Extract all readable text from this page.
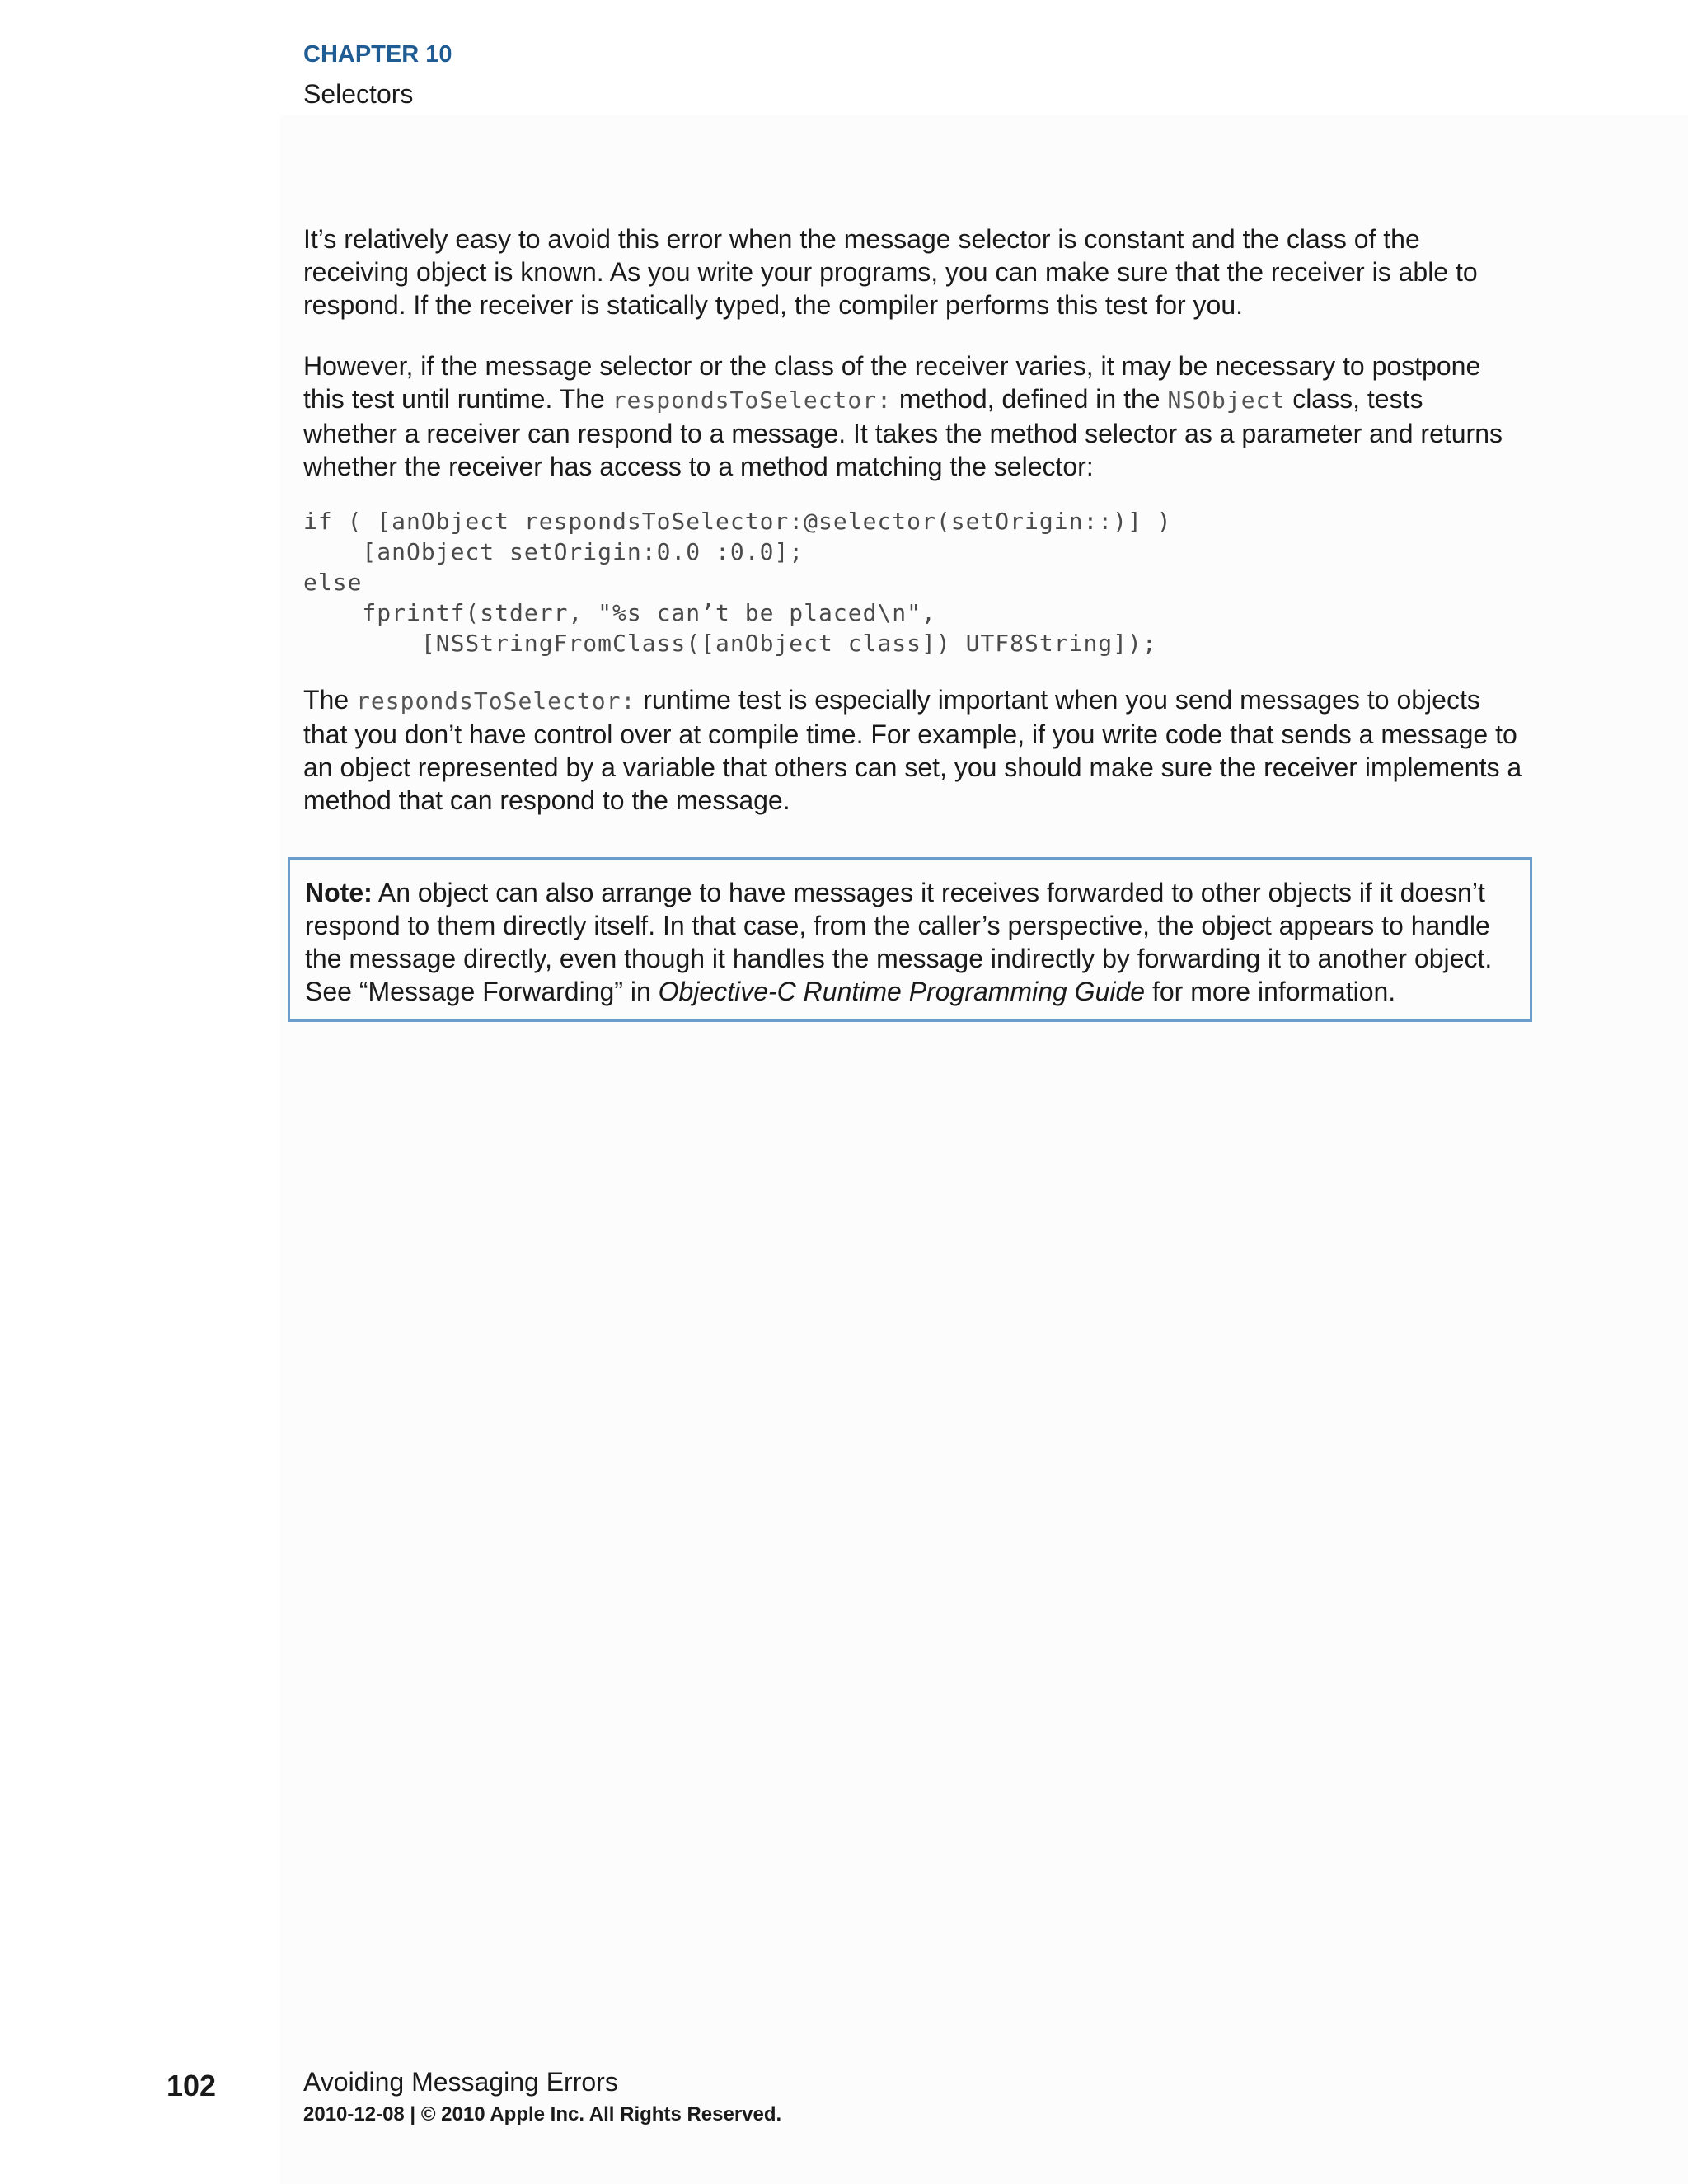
CHAPTER 10
Selectors

It’s relatively easy to avoid this error when the message selector is constant and the class of the receiving object is known. As you write your programs, you can make sure that the receiver is able to respond. If the receiver is statically typed, the compiler performs this test for you.

However, if the message selector or the class of the receiver varies, it may be necessary to postpone this test until runtime. The respondsToSelector: method, defined in the NSObject class, tests whether a receiver can respond to a message. It takes the method selector as a parameter and returns whether the receiver has access to a method matching the selector:

if ( [anObject respondsToSelector:@selector(setOrigin::)] )
[anObject setOrigin:0.0 :0.0];
else
fprintf(stderr, "%s can’t be placed\n",
[NSStringFromClass([anObject class]) UTF8String]);

The respondsToSelector: runtime test is especially important when you send messages to objects that you don’t have control over at compile time. For example, if you write code that sends a message to an object represented by a variable that others can set, you should make sure the receiver implements a method that can respond to the message.

Note: An object can also arrange to have messages it receives forwarded to other objects if it doesn’t respond to them directly itself. In that case, from the caller’s perspective, the object appears to handle the message directly, even though it handles the message indirectly by forwarding it to another object. See “Message Forwarding” in Objective-C Runtime Programming Guide for more information.

102	Avoiding Messaging Errors
2010-12-08 | © 2010 Apple Inc. All Rights Reserved.
